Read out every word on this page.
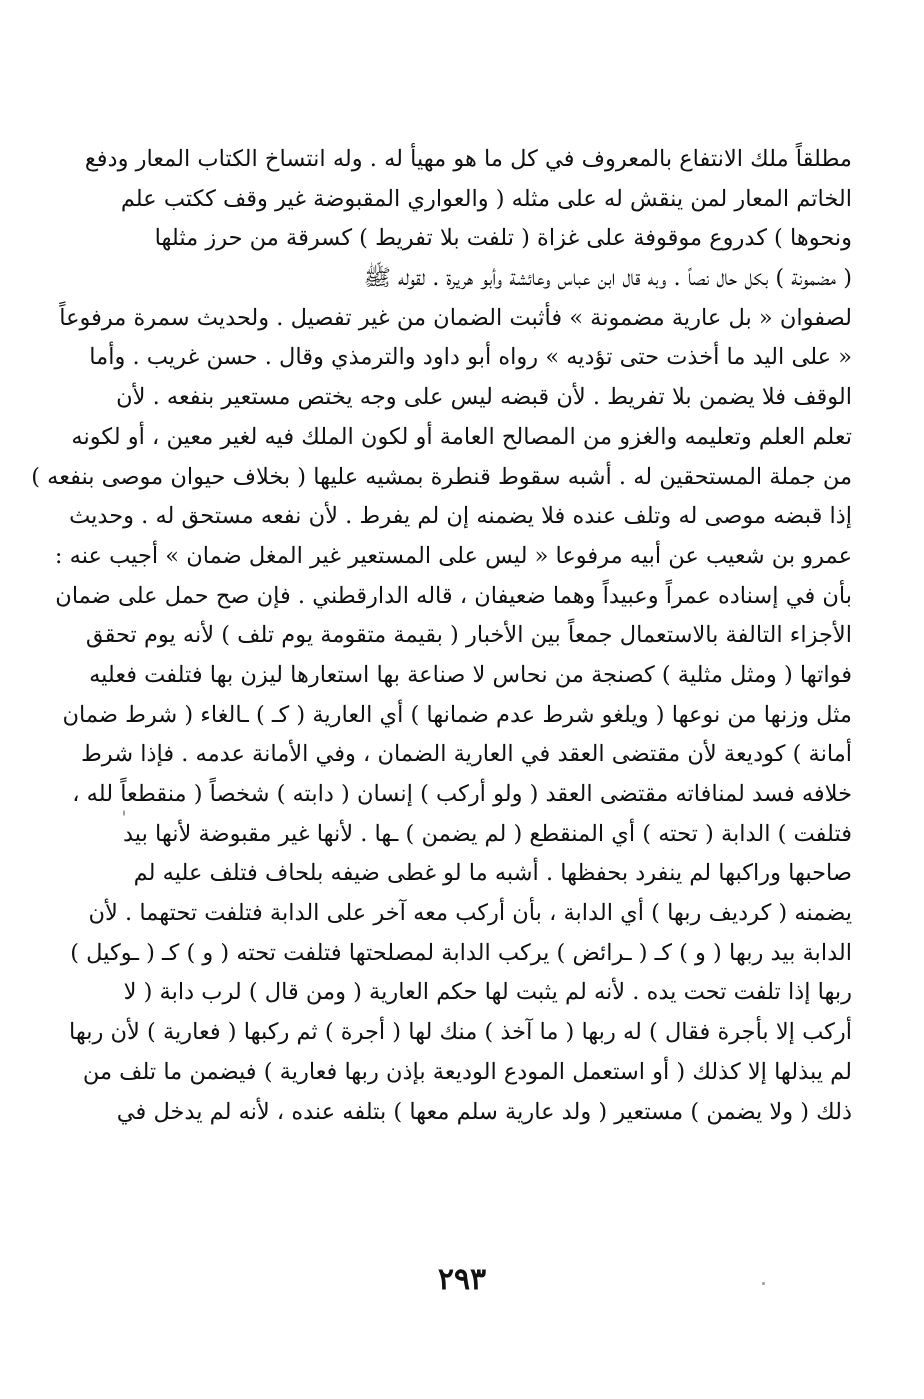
مطلقاً ملك الانتفاع بالمعروف في كل ما هو مهيأ له . وله انتساخ الكتاب المعار ودفع
الخاتم المعار لمن ينقش له على مثله ( والعواري المقبوضة غير وقف ككتب علم
ونحوها ) كدروع موقوفة على غزاة ( تلفت بلا تفريط ) كسرقة من حرز مثلها
( مضمونة ) بكل حال نصاً . وبه قال ابن عباس وعائشة وأبو هريرة . لقوله ﷺ
لصفوان « بل عارية مضمونة » فأثبت الضمان من غير تفصيل . ولحديث سمرة مرفوعاً
« على اليد ما أخذت حتى تؤديه » رواه أبو داود والترمذي وقال . حسن غريب . وأما
الوقف فلا يضمن بلا تفريط . لأن قبضه ليس على وجه يختص مستعير بنفعه . لأن
تعلم العلم وتعليمه والغزو من المصالح العامة أو لكون الملك فيه لغير معين ، أو لكونه
من جملة المستحقين له . أشبه سقوط قنطرة بمشيه عليها ( بخلاف حيوان موصى بنفعه )
إذا قبضه موصى له وتلف عنده فلا يضمنه إن لم يفرط . لأن نفعه مستحق له . وحديث
عمرو بن شعيب عن أبيه مرفوعا « ليس على المستعير غير المغل ضمان » أجيب عنه :
بأن في إسناده عمراً وعبيداً وهما ضعيفان ، قاله الدارقطني . فإن صح حمل على ضمان
الأجزاء التالفة بالاستعمال جمعاً بين الأخبار ( بقيمة متقومة يوم تلف ) لأنه يوم تحقق
فواتها ( ومثل مثلية ) كصنجة من نحاس لا صناعة بها استعارها ليزن بها فتلفت فعليه
مثل وزنها من نوعها ( ويلغو شرط عدم ضمانها ) أي العارية ( كـ ) ـالغاء ( شرط ضمان
أمانة ) كوديعة لأن مقتضى العقد في العارية الضمان ، وفي الأمانة عدمه . فإذا شرط
خلافه فسد لمنافاته مقتضى العقد ( ولو أركب ) إنسان ( دابته ) شخصاً ( منقطعاً لله ،
فتلفت ) الدابة ( تحته ) أي المنقطع ( لم يضمن ) ـها . لأنها غير مقبوضة لأنها بيد
صاحبها وراكبها لم ينفرد بحفظها . أشبه ما لو غطى ضيفه بلحاف فتلف عليه لم
يضمنه ( كرديف ربها ) أي الدابة ، بأن أركب معه آخر على الدابة فتلفت تحتهما . لأن
الدابة بيد ربها ( و ) كـ ( ـرائض ) يركب الدابة لمصلحتها فتلفت تحته ( و ) كـ ( ـوكيل )
ربها إذا تلفت تحت يده . لأنه لم يثبت لها حكم العارية ( ومن قال ) لرب دابة ( لا
أركب إلا بأجرة فقال ) له ربها ( ما آخذ ) منك لها ( أجرة ) ثم ركبها ( فعارية ) لأن ربها
لم يبذلها إلا كذلك ( أو استعمل المودع الوديعة بإذن ربها فعارية ) فيضمن ما تلف من
ذلك ( ولا يضمن ) مستعير ( ولد عارية سلم معها ) بتلفه عنده ، لأنه لم يدخل في
٢٩٣
